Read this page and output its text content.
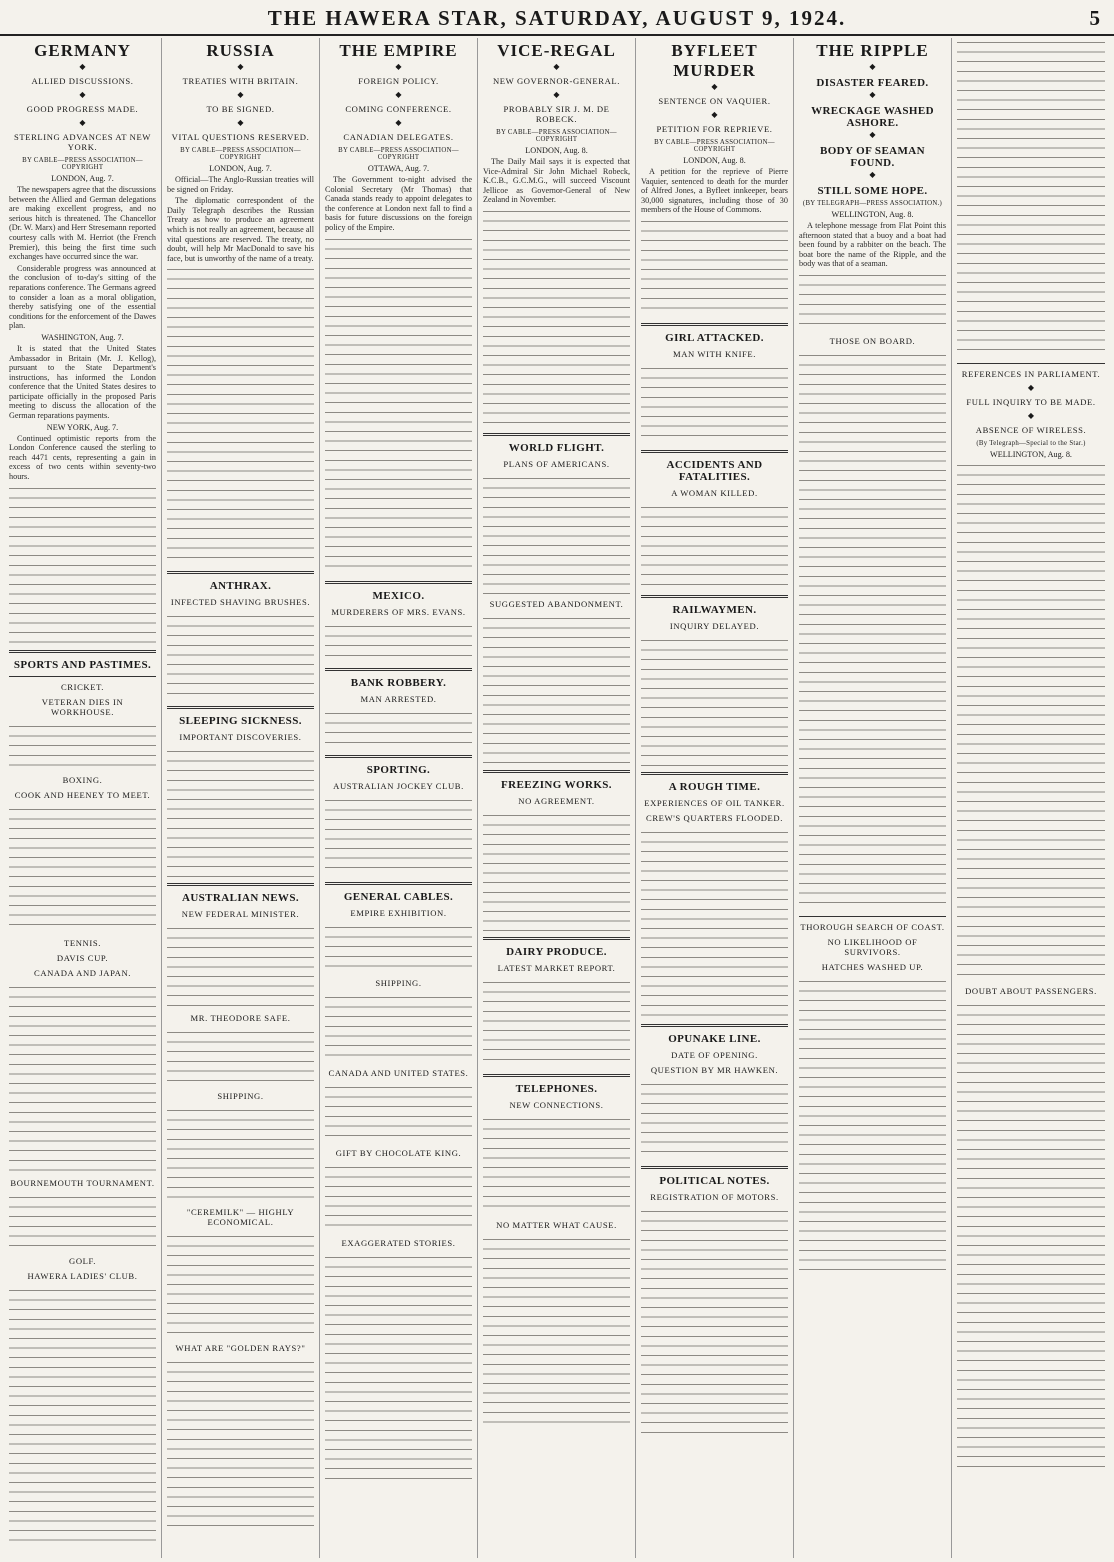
THE HAWERA STAR, SATURDAY, AUGUST 9, 1924.	5
GERMANY
◆
ALLIED DISCUSSIONS.
◆
GOOD PROGRESS MADE.
◆
STERLING ADVANCES AT NEW YORK.
BY CABLE—PRESS ASSOCIATION—COPYRIGHT
LONDON, Aug. 7.

The newspapers agree that the discussions between the Allied and German delegations are making excellent progress, and no serious hitch is threatened. The Chancellor (Dr. W. Marx) and Herr Stresemann reported courtesy calls with M. Herriot (the French Premier), this being the first time such exchanges have occurred since the war.

Considerable progress was announced at the conclusion of to-day's sitting of the reparations conference. The Germans agreed to consider a loan as a moral obligation, thereby satisfying one of the essential conditions for the enforcement of the Dawes plan.

WASHINGTON, Aug. 7.

It is stated that the United States Ambassador in Britain (Mr. J. Kellog), pursuant to the State Department's instructions, has informed the London conference that the United States desires to participate officially in the proposed Paris meeting to discuss the allocation of the German reparations payments.

NEW YORK, Aug. 7.

Continued optimistic reports from the London Conference caused the sterling to reach 4471 cents, representing a gain in excess of two cents within seventy-two hours.

SPORTS AND PASTIMES.
CRICKET.
VETERAN DIES IN WORKHOUSE.
BOXING.
COOK AND HEENEY TO MEET.
TENNIS.
DAVIS CUP.
CANADA AND JAPAN.
BOURNEMOUTH TOURNAMENT.
GOLF.
HAWERA LADIES' CLUB.
RUSSIA
◆
TREATIES WITH BRITAIN.
◆
TO BE SIGNED.
◆
VITAL QUESTIONS RESERVED.
BY CABLE—PRESS ASSOCIATION—COPYRIGHT
LONDON, Aug. 7.

Official—The Anglo-Russian treaties will be signed on Friday.

The diplomatic correspondent of the Daily Telegraph describes the Russian Treaty as how to produce an agreement which is not really an agreement, because all vital questions are reserved. The treaty, no doubt, will help Mr MacDonald to save his face, but is unworthy of the name of a treaty.

ANTHRAX.
INFECTED SHAVING BRUSHES.
SLEEPING SICKNESS.
IMPORTANT DISCOVERIES.
AUSTRALIAN NEWS.
NEW FEDERAL MINISTER.
MR. THEODORE SAFE.
SHIPPING.
"CEREMILK" — HIGHLY ECONOMICAL.
WHAT ARE "GOLDEN RAYS?"
THE EMPIRE
◆
FOREIGN POLICY.
◆
COMING CONFERENCE.
◆
CANADIAN DELEGATES.
BY CABLE—PRESS ASSOCIATION—COPYRIGHT
OTTAWA, Aug. 7.

The Government to-night advised the Colonial Secretary (Mr Thomas) that Canada stands ready to appoint delegates to the conference at London next fall to find a basis for future discussions on the foreign policy of the Empire.

MEXICO.
MURDERERS OF MRS. EVANS.
BANK ROBBERY.
MAN ARRESTED.
SPORTING.
AUSTRALIAN JOCKEY CLUB.
GENERAL CABLES.
EMPIRE EXHIBITION.
SHIPPING.
CANADA AND UNITED STATES.
GIFT BY CHOCOLATE KING.
EXAGGERATED STORIES.
VICE-REGAL
◆
NEW GOVERNOR-GENERAL.
◆
PROBABLY SIR J. M. DE ROBECK.
BY CABLE—PRESS ASSOCIATION—COPYRIGHT
LONDON, Aug. 8.

The Daily Mail says it is expected that Vice-Admiral Sir John Michael Robeck, K.C.B., G.C.M.G., will succeed Viscount Jellicoe as Governor-General of New Zealand in November.

WORLD FLIGHT.
PLANS OF AMERICANS.
SUGGESTED ABANDONMENT.
FREEZING WORKS.
NO AGREEMENT.
DAIRY PRODUCE.
LATEST MARKET REPORT.
TELEPHONES.
NEW CONNECTIONS.
NO MATTER WHAT CAUSE.
BYFLEET MURDER
◆
SENTENCE ON VAQUIER.
◆
PETITION FOR REPRIEVE.
BY CABLE—PRESS ASSOCIATION—COPYRIGHT
LONDON, Aug. 8.

A petition for the reprieve of Pierre Vaquier, sentenced to death for the murder of Alfred Jones, a Byfleet innkeeper, bears 30,000 signatures, including those of 30 members of the House of Commons.

GIRL ATTACKED.
MAN WITH KNIFE.
ACCIDENTS AND FATALITIES.
A WOMAN KILLED.
RAILWAYMEN.
INQUIRY DELAYED.
A ROUGH TIME.
EXPERIENCES OF OIL TANKER.
CREW'S QUARTERS FLOODED.
OPUNAKE LINE.
DATE OF OPENING.
QUESTION BY MR HAWKEN.
POLITICAL NOTES.
REGISTRATION OF MOTORS.
THE RIPPLE
◆
DISASTER FEARED.
◆
WRECKAGE WASHED ASHORE.
◆
BODY OF SEAMAN FOUND.
◆
STILL SOME HOPE.
(BY TELEGRAPH—PRESS ASSOCIATION.)
WELLINGTON, Aug. 8.

A telephone message from Flat Point this afternoon stated that a buoy and a boat had been found by a rabbiter on the beach. The boat bore the name of the Ripple, and the body was that of a seaman.

THOSE ON BOARD.
THOROUGH SEARCH OF COAST.
NO LIKELIHOOD OF SURVIVORS.
HATCHES WASHED UP.
REFERENCES IN PARLIAMENT.
◆
FULL INQUIRY TO BE MADE.
◆
ABSENCE OF WIRELESS.
(By Telegraph—Special to the Star.)
WELLINGTON, Aug. 8.
DOUBT ABOUT PASSENGERS.
